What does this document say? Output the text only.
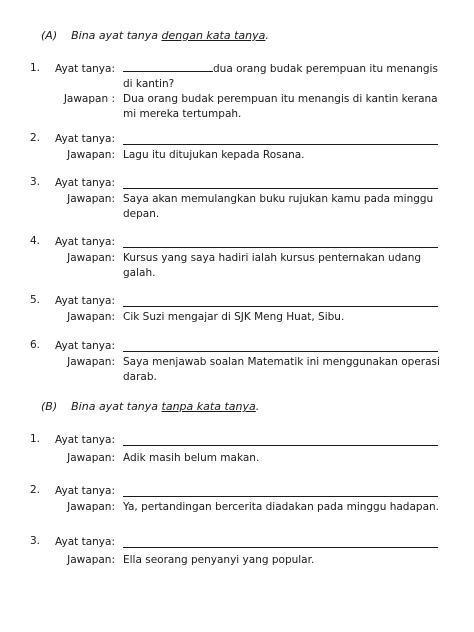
(A) Bina ayat tanya dengan kata tanya.
1.	Ayat tanya:	dua orang budak perempuan itu menangis
di kantin?
Jawapan : Dua orang budak perempuan itu menangis di kantin kerana mi mereka tertumpah.
2.	Ayat tanya:
Jawapan: Lagu itu ditujukan kepada Rosana.
3.	Ayat tanya:
Jawapan: Saya akan memulangkan buku rujukan kamu pada minggu depan.
4.	Ayat tanya:
Jawapan: Kursus yang saya hadiri ialah kursus penternakan udang galah.
5.	Ayat tanya:
Jawapan: Cik Suzi mengajar di SJK Meng Huat, Sibu.
6.	Ayat tanya:
Jawapan: Saya menjawab soalan Matematik ini menggunakan operasi darab.
(B) Bina ayat tanya tanpa kata tanya.
1.	Ayat tanya:
Jawapan: Adik masih belum makan.
2.	Ayat tanya:
Jawapan: Ya, pertandingan bercerita diadakan pada minggu hadapan.
3.	Ayat tanya:
Jawapan: Ella seorang penyanyi yang popular.
